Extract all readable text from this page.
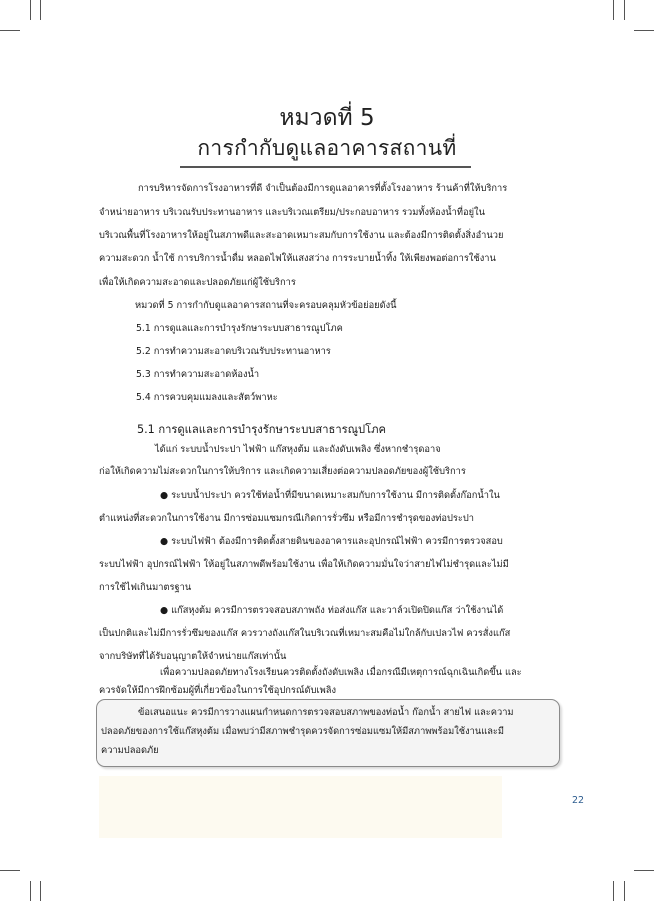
หมวดที่ 5
การกำกับดูแลอาคารสถานที่
การบริหารจัดการโรงอาหารที่ดี จำเป็นต้องมีการดูแลอาคารที่ตั้งโรงอาหาร ร้านค้าที่ให้บริการ
จำหน่ายอาหาร บริเวณรับประทานอาหาร และบริเวณเตรียม/ประกอบอาหาร รวมทั้งห้องน้ำที่อยู่ใน
บริเวณพื้นที่โรงอาหารให้อยู่ในสภาพดีและสะอาดเหมาะสมกับการใช้งาน และต้องมีการติดตั้งสิ่งอำนวย
ความสะดวก น้ำใช้ การบริการน้ำดื่ม หลอดไฟให้แสงสว่าง การระบายน้ำทิ้ง ให้เพียงพอต่อการใช้งาน
เพื่อให้เกิดความสะอาดและปลอดภัยแก่ผู้ใช้บริการ
หมวดที่ 5 การกำกับดูแลอาคารสถานที่จะครอบคลุมหัวข้อย่อยดังนี้
5.1 การดูแลและการบำรุงรักษาระบบสาธารณูปโภค
5.2 การทำความสะอาดบริเวณรับประทานอาหาร
5.3 การทำความสะอาดห้องน้ำ
5.4 การควบคุมแมลงและสัตว์พาหะ
5.1 การดูแลและการบำรุงรักษาระบบสาธารณูปโภค
ได้แก่ ระบบน้ำประปา ไฟฟ้า แก๊สหุงต้ม และถังดับเพลิง ซึ่งหากชำรุดอาจ
ก่อให้เกิดความไม่สะดวกในการให้บริการ และเกิดความเสี่ยงต่อความปลอดภัยของผู้ใช้บริการ
● ระบบน้ำประปา ควรใช้ท่อน้ำที่มีขนาดเหมาะสมกับการใช้งาน มีการติดตั้งก๊อกน้ำใน
ตำแหน่งที่สะดวกในการใช้งาน มีการซ่อมแซมกรณีเกิดการรั่วซึม หรือมีการชำรุดของท่อประปา
● ระบบไฟฟ้า ต้องมีการติดตั้งสายดินของอาคารและอุปกรณ์ไฟฟ้า ควรมีการตรวจสอบ
ระบบไฟฟ้า อุปกรณ์ไฟฟ้า ให้อยู่ในสภาพดีพร้อมใช้งาน เพื่อให้เกิดความมั่นใจว่าสายไฟไม่ชำรุดและไม่มี
การใช้ไฟเกินมาตรฐาน
● แก๊สหุงต้ม ควรมีการตรวจสอบสภาพถัง ท่อส่งแก๊ส และวาล์วเปิดปิดแก๊ส ว่าใช้งานได้
เป็นปกติและไม่มีการรั่วซึมของแก๊ส ควรวางถังแก๊สในบริเวณที่เหมาะสมคือไม่ใกล้กับเปลวไฟ ควรสั่งแก๊ส
จากบริษัทที่ได้รับอนุญาตให้จำหน่ายแก๊สเท่านั้น
เพื่อความปลอดภัยทางโรงเรียนควรติดตั้งถังดับเพลิง เมื่อกรณีมีเหตุการณ์ฉุกเฉินเกิดขึ้น และ
ควรจัดให้มีการฝึกซ้อมผู้ที่เกี่ยวข้องในการใช้อุปกรณ์ดับเพลิง
ข้อเสนอแนะ ควรมีการวางแผนกำหนดการตรวจสอบสภาพของท่อน้ำ ก๊อกน้ำ สายไฟ และความ
ปลอดภัยของการใช้แก๊สหุงต้ม เมื่อพบว่ามีสภาพชำรุดควรจัดการซ่อมแซมให้มีสภาพพร้อมใช้งานและมี
ความปลอดภัย
22
